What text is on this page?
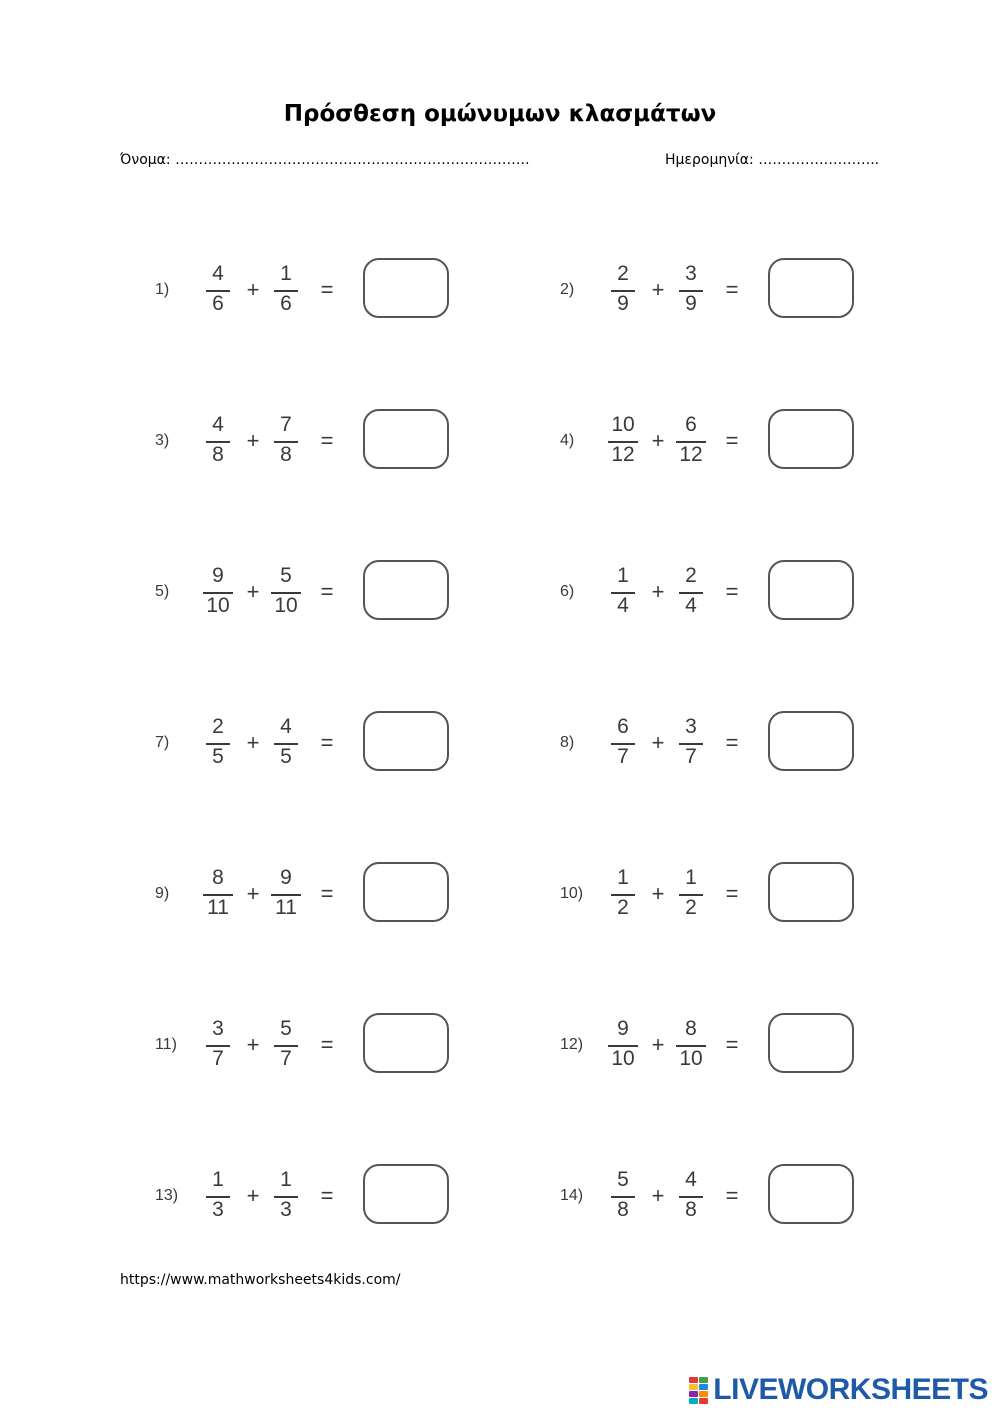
Πρόσθεση ομώνυμων κλασμάτων
Όνομα: ………………………………………………………………….	Ημερομηνία: ……………………..
1)
4
6
+
1
6
=	2)
2
9
+
3
9
=
3)
4
8
+
7
8
=	4)
10
12
+
6
12
=
5)
9
10
+
5
10
=	6)
1
4
+
2
4
=
7)
2
5
+
4
5
=	8)
6
7
+
3
7
=
9)
8
11
+
9
11
=	10)
1
2
+
1
2
=
11)
3
7
+
5
7
=	12)
9
10
+
8
10
=
13)
1
3
+
1
3
=	14)
5
8
+
4
8
=
https://www.mathworksheets4kids.com/
LIVEWORKSHEETS
